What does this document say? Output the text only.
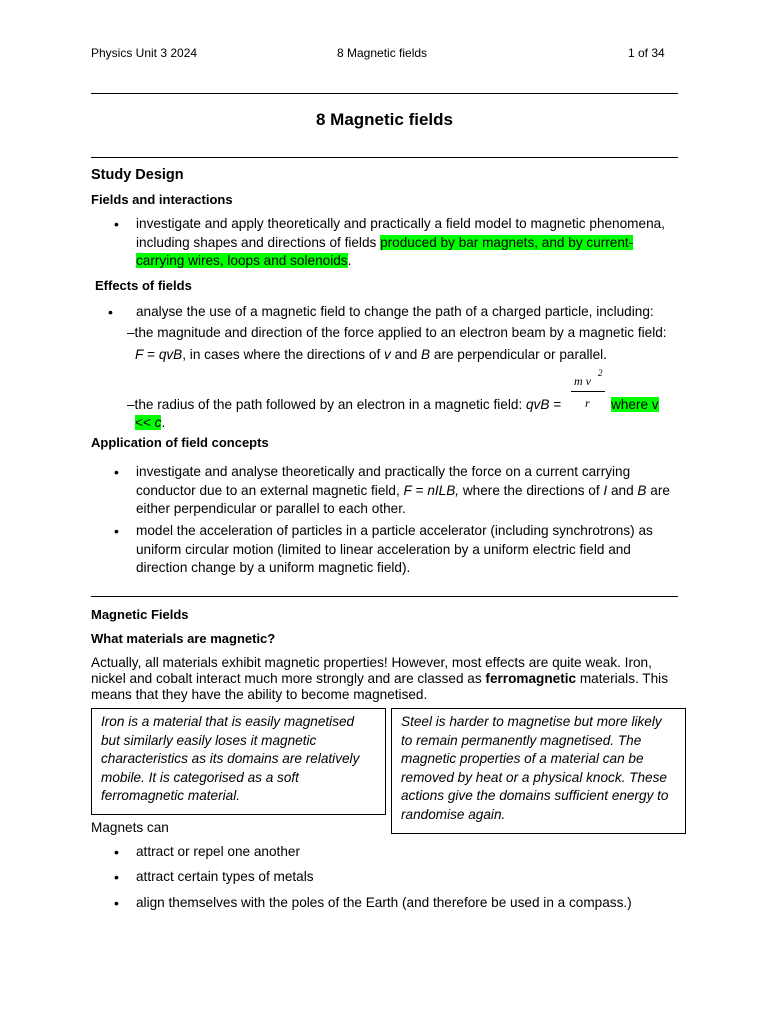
Physics Unit 3 2024	8 Magnetic fields	1 of 34
8 Magnetic fields
Study Design
Fields and interactions
• investigate and apply theoretically and practically a field model to magnetic phenomena,
including shapes and directions of fields produced by bar magnets, and by current-
carrying wires, loops and solenoids.
Effects of fields
• analyse the use of a magnetic field to change the path of a charged particle, including:
–the magnitude and direction of the force applied to an electron beam by a magnetic field:
F = qvB, in cases where the directions of v and B are perpendicular or parallel.
m v
2
r
–the radius of the path followed by an electron in a magnetic field: qvB =	where v
<< c.
Application of field concepts
• investigate and analyse theoretically and practically the force on a current carrying
conductor due to an external magnetic field, F = nILB, where the directions of I and B are
either perpendicular or parallel to each other.
• model the acceleration of particles in a particle accelerator (including synchrotrons) as
uniform circular motion (limited to linear acceleration by a uniform electric field and
direction change by a uniform magnetic field).
Magnetic Fields
What materials are magnetic?
Actually, all materials exhibit magnetic properties! However, most effects are quite weak. Iron,
nickel and cobalt interact much more strongly and are classed as ferromagnetic materials. This
means that they have the ability to become magnetised.
Iron is a material that is easily magnetised
but similarly easily loses it magnetic
characteristics as its domains are relatively
mobile. It is categorised as a soft
ferromagnetic material.
Steel is harder to magnetise but more likely
to remain permanently magnetised. The
magnetic properties of a material can be
removed by heat or a physical knock. These
actions give the domains sufficient energy to
randomise again.
Magnets can
• attract or repel one another
• attract certain types of metals
• align themselves with the poles of the Earth (and therefore be used in a compass.)
